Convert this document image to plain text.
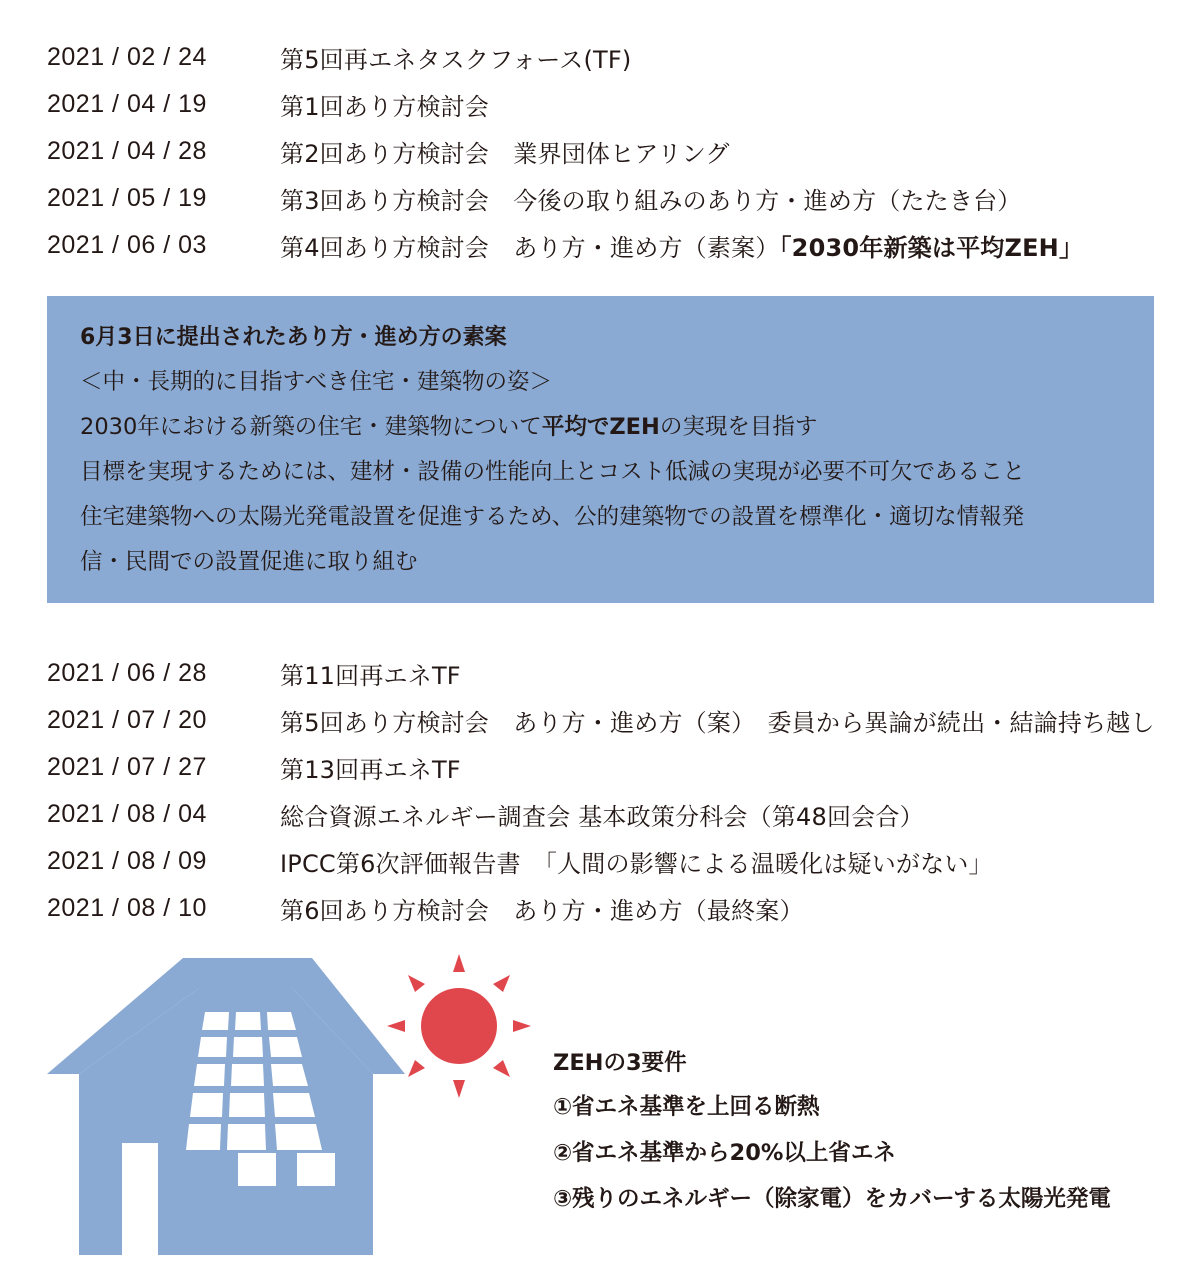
2021 / 02 / 24	第5回再エネタスクフォース(TF)
2021 / 04 / 19	第1回あり方検討会
2021 / 04 / 28	第2回あり方検討会　業界団体ヒアリング
2021 / 05 / 19	第3回あり方検討会　今後の取り組みのあり方・進め方（たたき台）
2021 / 06 / 03	第4回あり方検討会　あり方・進め方（素案）「2030年新築は平均ZEH」

6月3日に提出されたあり方・進め方の素案

＜中・長期的に目指すべき住宅・建築物の姿＞

2030年における新築の住宅・建築物について平均でZEHの実現を目指す

目標を実現するためには、建材・設備の性能向上とコスト低減の実現が必要不可欠であること

住宅建築物への太陽光発電設置を促進するため、公的建築物での設置を標準化・適切な情報発

信・民間での設置促進に取り組む

2021 / 06 / 28	第11回再エネTF
2021 / 07 / 20	第5回あり方検討会　あり方・進め方（案）　委員から異論が続出・結論持ち越し
2021 / 07 / 27	第13回再エネTF
2021 / 08 / 04	総合資源エネルギー調査会 基本政策分科会（第48回会合）
2021 / 08 / 09	IPCC第6次評価報告書　「人間の影響による温暖化は疑いがない」
2021 / 08 / 10	第6回あり方検討会　あり方・進め方（最終案）
ZEHの3要件
①省エネ基準を上回る断熱
②省エネ基準から20%以上省エネ
③残りのエネルギー（除家電）をカバーする太陽光発電
